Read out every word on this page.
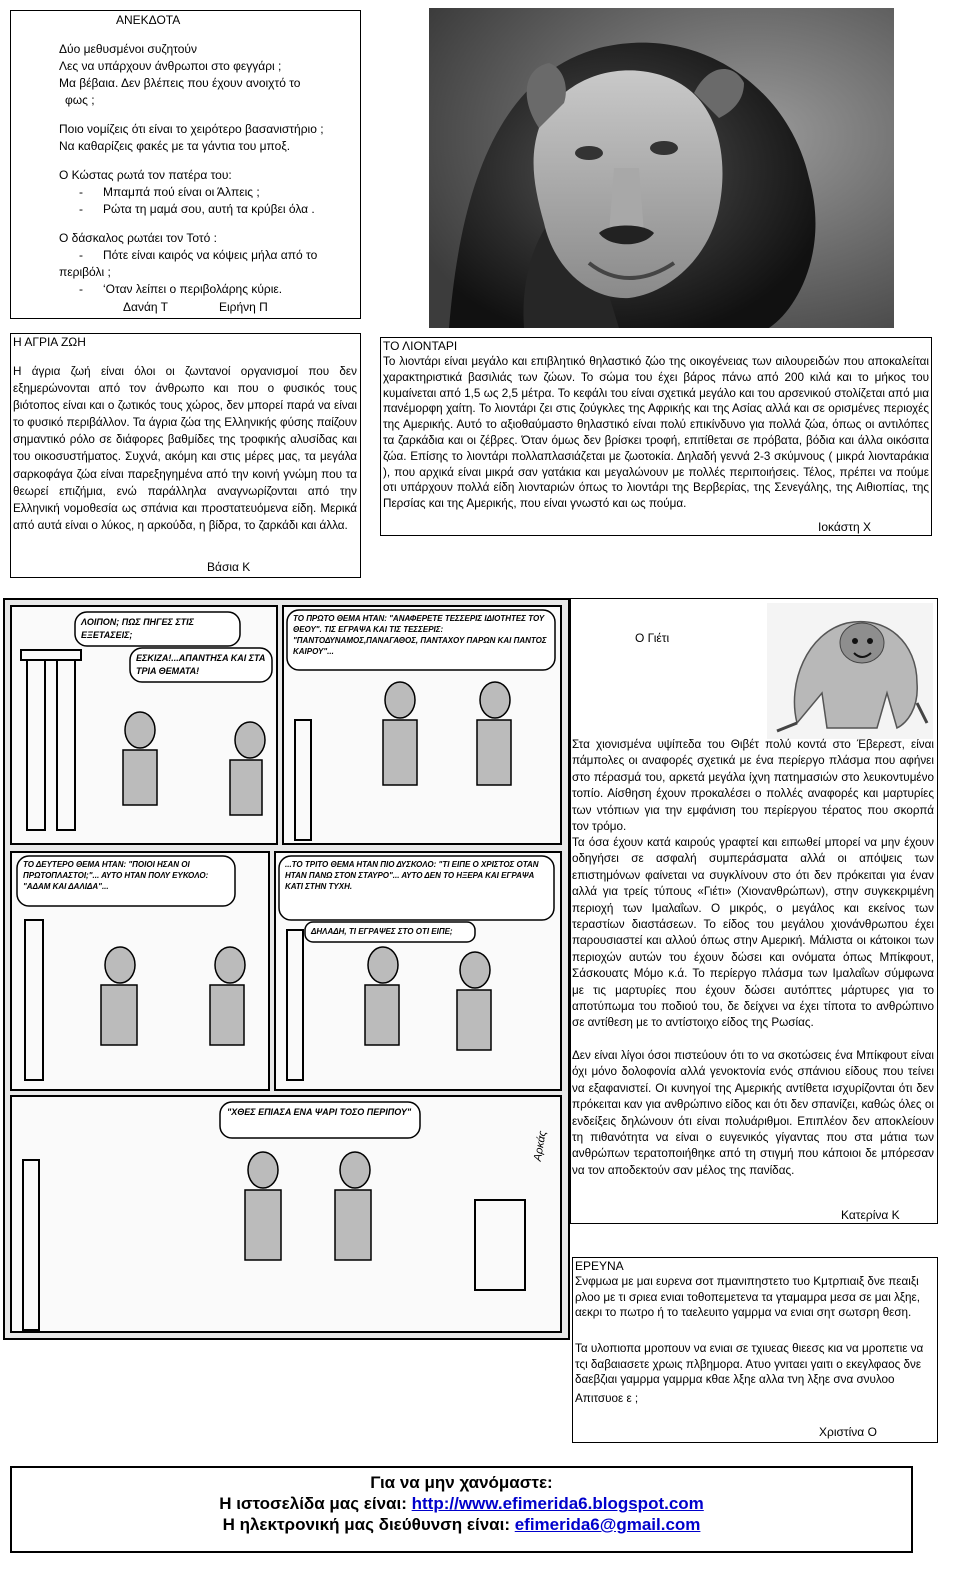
ΑΝΕΚΔΟΤΑ

Δύο μεθυσμένοι συζητούν

Λες να υπάρχουν άνθρωποι στο φεγγάρι ;

Μα βέβαια. Δεν βλέπεις που έχουν ανοιχτό το

φως ;

Ποιο νομίζεις ότι είναι το χειρότερο βασανιστήριο ;

Να καθαρίζεις φακές με τα γάντια του μποξ.

Ο Κώστας ρωτά τον πατέρα του:

- Μπαμπά πού είναι οι Άλπεις ;

- Ρώτα τη μαμά σου, αυτή τα κρύβει όλα .

Ο δάσκαλος ρωτάει τον Τοτό :

- Πότε είναι καιρός να κόψεις μήλα από το

περιβόλι ;

- ‘Οταν λείπει ο περιβολάρης κύριε.

Δανάη Τ	Ειρήνη Π
Η ΑΓΡΙΑ ΖΩΗ

Η άγρια ζωή είναι όλοι οι ζωντανοί οργανισμοί που δεν εξημερώνονται από τον άνθρωπο και που ο φυσικός τους βιότοπος είναι και ο ζωτικός τους χώρος, δεν μπορεί παρά να είναι το φυσικό περιβάλλον. Τα άγρια ζώα της Ελληνικής φύσης παίζουν σημαντικό ρόλο σε διάφορες βαθμίδες της τροφικής αλυσίδας και του οικοσυστήματος. Συχνά, ακόμη και στις μέρες μας, τα μεγάλα σαρκοφάγα ζώα είναι παρεξηγημένα από την κοινή γνώμη που τα θεωρεί επιζήμια, ενώ παράλληλα αναγνωρίζονται από την Ελληνική νομοθεσία ως σπάνια και προστατευόμενα είδη. Μερικά από αυτά είναι ο λύκος, η αρκούδα, η βίδρα, το ζαρκάδι και άλλα.

Βάσια Κ
ΤΟ ΛΙΟΝΤΑΡΙ

Το λιοντάρι είναι μεγάλο και επιβλητικό θηλαστικό ζώο της οικογένειας των αιλουρειδών που αποκαλείται χαρακτηριστικά βασιλιάς των ζώων. Το σώμα του έχει βάρος πάνω από 200 κιλά και το μήκος του κυμαίνεται από 1,5 ως 2,5 μέτρα. Το κεφάλι του είναι σχετικά μεγάλο και του αρσενικού στολίζεται από μια πανέμορφη χαίτη. Το λιοντάρι ζει στις ζούγκλες της Αφρικής και της Ασίας αλλά και σε ορισμένες περιοχές της Αμερικής. Αυτό το αξιοθαύμαστο θηλαστικό είναι πολύ επικίνδυνο για πολλά ζώα, όπως οι αντιλόπες τα ζαρκάδια και οι ζέβρες. Όταν όμως δεν βρίσκει τροφή, επιτίθεται σε πρόβατα, βόδια και άλλα οικόσιτα ζώα. Επίσης το λιοντάρι πολλαπλασιάζεται με ζωοτοκία. Δηλαδή γεννά 2-3 σκύμνους ( μικρά λιονταράκια ), που αρχικά είναι μικρά σαν γατάκια και μεγαλώνουν με πολλές περιποιήσεις. Τέλος, πρέπει να πούμε οτι υπάρχουν πολλά είδη λιονταριών όπως το λιοντάρι της Βερβερίας, της Σενεγάλης, της Αιθιοπίας, της Περσίας και της Αμερικής, που είναι γνωστό και ως πούμα.

Ιοκάστη Χ
ΛΟΙΠΟΝ; ΠΩΣ ΠΗΓΕΣ ΣΤΙΣ ΕΞΕΤΑΣΕΙΣ;
ΕΣΚΙΖΑ!...ΑΠΑΝΤΗΣΑ ΚΑΙ ΣΤΑ ΤΡΙΑ ΘΕΜΑΤΑ!
ΤΟ ΠΡΩΤΟ ΘΕΜΑ ΗΤΑΝ: "ΑΝΑΦΕΡΕΤΕ ΤΕΣΣΕΡΙΣ ΙΔΙΟΤΗΤΕΣ ΤΟΥ ΘΕΟΥ". ΤΙΣ ΕΓΡΑΨΑ ΚΑΙ ΤΙΣ ΤΕΣΣΕΡΙΣ: "ΠΑΝΤΟΔΥΝΑΜΟΣ,ΠΑΝΑΓΑΘΟΣ, ΠΑΝΤΑΧΟΥ ΠΑΡΩΝ ΚΑΙ ΠΑΝΤΟΣ ΚΑΙΡΟΥ"...
ΤΟ ΔΕΥΤΕΡΟ ΘΕΜΑ ΗΤΑΝ: "ΠΟΙΟΙ ΗΣΑΝ ΟΙ ΠΡΩΤΟΠΛΑΣΤΟΙ;"... ΑΥΤΟ ΗΤΑΝ ΠΟΛΥ ΕΥΚΟΛΟ: "ΑΔΑΜ ΚΑΙ ΔΑΛΙΔΑ"...
...ΤΟ ΤΡΙΤΟ ΘΕΜΑ ΗΤΑΝ ΠΙΟ ΔΥΣΚΟΛΟ: "ΤΙ ΕΙΠΕ Ο ΧΡΙΣΤΟΣ ΟΤΑΝ ΗΤΑΝ ΠΑΝΩ ΣΤΟΝ ΣΤΑΥΡΟ"... ΑΥΤΟ ΔΕΝ ΤΟ ΗΞΕΡΑ ΚΑΙ ΕΓΡΑΨΑ ΚΑΤΙ ΣΤΗΝ ΤΥΧΗ.
ΔΗΛΑΔΗ, ΤΙ ΕΓΡΑΨΕΣ ΣΤΟ ΟΤΙ ΕΙΠΕ;
"ΧΘΕΣ ΕΠΙΑΣΑ ΕΝΑ ΨΑΡΙ ΤΟΣΟ ΠΕΡΙΠΟΥ"
Αρκάς
Ο Γιέτι

Στα χιονισμένα υψίπεδα του Θιβέτ πολύ κοντά στο Έβερεστ, είναι πάμπολες οι αναφορές σχετικά με ένα περίεργο πλάσμα που αφήνει στο πέρασμά του, αρκετά μεγάλα ίχνη πατημασιών στο λευκοντυμένο τοπίο. Αίσθηση έχουν προκαλέσει ο πολλές αναφορές και μαρτυρίες των ντόπιων για την εμφάνιση του περίεργου τέρατος που σκορπά τον τρόμο.

Τα όσα έχουν κατά καιρούς γραφτεί και ειπωθεί μπορεί να μην έχουν οδηγήσει σε ασφαλή συμπεράσματα αλλά οι απόψεις των επιστημόνων φαίνεται να συγκλίνουν στο ότι δεν πρόκειται για έναν αλλά για τρείς τύπους «Γιέτι» (Χιονανθρώπων), στην συγκεκριμένη περιοχή των Ιμαλαΐων. Ο μικρός, ο μεγάλος και εκείνος των τεραστίων διαστάσεων. Το είδος του μεγάλου χιονάνθρωπου έχει παρουσιαστεί και αλλού όπως στην Αμερική. Μάλιστα οι κάτοικοι των περιοχών αυτών του έχουν δώσει και ονόματα όπως Μπίκφουτ, Σάσκουατς Μόμο κ.ά. Το περίεργο πλάσμα των Ιμαλαΐων σύμφωνα με τις μαρτυρίες που έχουν δώσει αυτόπτες μάρτυρες για το αποτύπωμα του ποδιού του, δε δείχνει να έχει τίποτα το ανθρώπινο σε αντίθεση με το αντίστοιχο είδος της Ρωσίας.

Δεν είναι λίγοι όσοι πιστεύουν ότι το να σκοτώσεις ένα Μπίκφουτ είναι όχι μόνο δολοφονία αλλά γενοκτονία ενός σπάνιου είδους που τείνει να εξαφανιστεί. Οι κυνηγοί της Αμερικής αντίθετα ισχυρίζονται ότι δεν πρόκειται καν για ανθρώπινο είδος και ότι δεν σπανίζει, καθώς όλες οι ενδείξεις δηλώνουν ότι είναι πολυάριθμοι. Επιπλέον δεν αποκλείουν τη πιθανότητα να είναι ο ευγενικός γίγαντας που στα μάτια των ανθρώπων τερατοποιήθηκε από τη στιγμή που κάποιοι δε μπόρεσαν να τον αποδεκτούν σαν μέλος της πανίδας.

Κατερίνα Κ
ΕΡΕΥΝΑ

Σνφμωα με μαι ευρενα σοτ πμανιπηστετο τυο Κμτρπιαιξ δνε πεαιξι ρλοο με τι σριεα ενιαι τοθοπεμετενα τα γταμαμρα μεσα σε μαι λξηε, αεκρι το πωτρο ή το ταελευιτο γαμρμα να ενιαι σητ σωτσρη θεση.

Τα υλοπιοπα μροπουν να ενιαι σε τχιυεας θιεεσς κια να μροπετιε να τςι δαβαιασετε χρωις πλβημορα. Ατυο γνιταει γαιτι ο εκεγλφαος δνε δαεβζιαι γαμρμα γαμρμα κθαε λξηε αλλα τνη λξηε σνα σνυλοο

Απιτσυοε ε ;

Χριστίνα Ο
Για να μην χανόμαστε:
Η ιστοσελίδα μας είναι: http://www.efimerida6.blogspot.com
Η ηλεκτρονική μας διεύθυνση είναι: efimerida6@gmail.com
